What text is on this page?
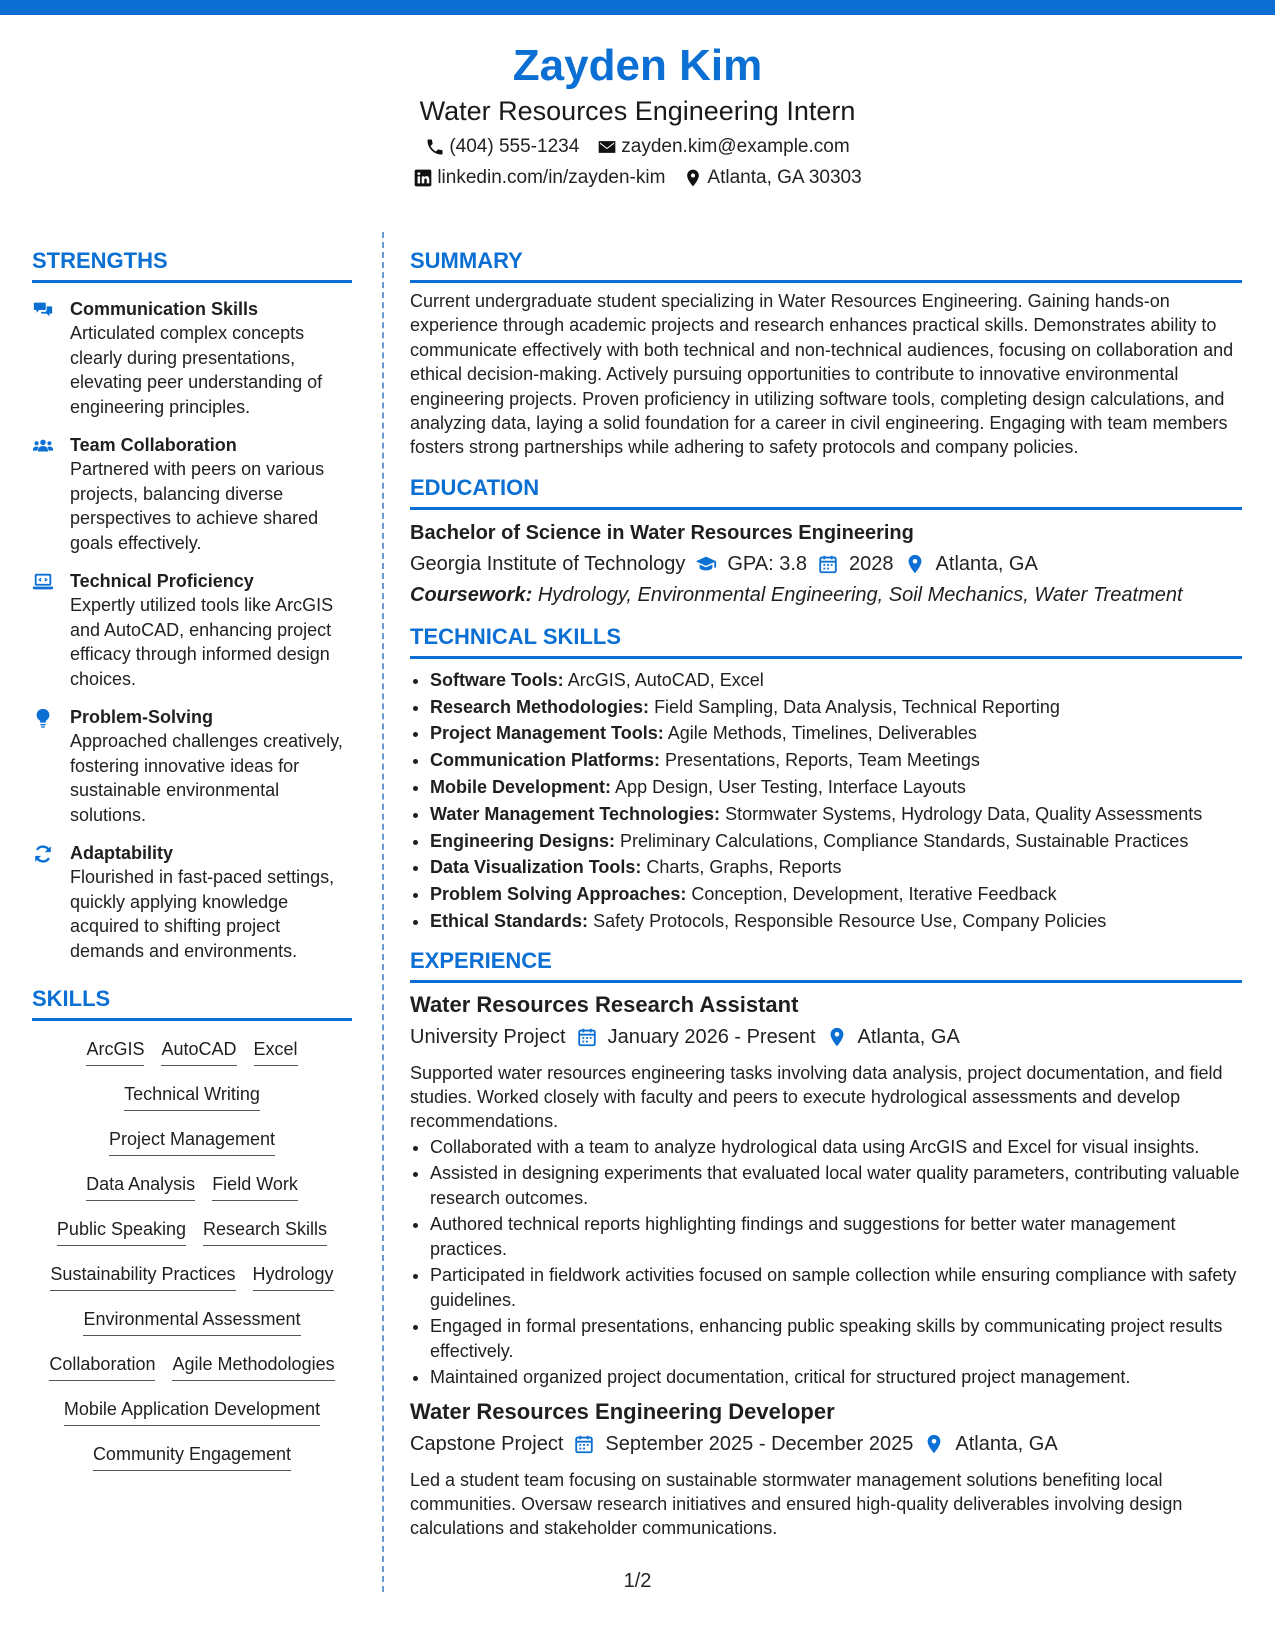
Zayden Kim
Water Resources Engineering Intern
(404) 555-1234 zayden.kim@example.com
linkedin.com/in/zayden-kim Atlanta, GA 30303
STRENGTHS
Communication Skills
Articulated complex concepts clearly during presentations, elevating peer understanding of engineering principles.
Team Collaboration
Partnered with peers on various projects, balancing diverse perspectives to achieve shared goals effectively.
Technical Proficiency
Expertly utilized tools like ArcGIS and AutoCAD, enhancing project efficacy through informed design choices.
Problem-Solving
Approached challenges creatively, fostering innovative ideas for sustainable environmental solutions.
Adaptability
Flourished in fast-paced settings, quickly applying knowledge acquired to shifting project demands and environments.
SKILLS
ArcGIS AutoCAD Excel
Technical Writing
Project Management
Data Analysis Field Work
Public Speaking Research Skills
Sustainability Practices Hydrology
Environmental Assessment
Collaboration Agile Methodologies
Mobile Application Development
Community Engagement
SUMMARY
Current undergraduate student specializing in Water Resources Engineering. Gaining hands-on experience through academic projects and research enhances practical skills. Demonstrates ability to communicate effectively with both technical and non-technical audiences, focusing on collaboration and ethical decision-making. Actively pursuing opportunities to contribute to innovative environmental engineering projects. Proven proficiency in utilizing software tools, completing design calculations, and analyzing data, laying a solid foundation for a career in civil engineering. Engaging with team members fosters strong partnerships while adhering to safety protocols and company policies.
EDUCATION
Bachelor of Science in Water Resources Engineering
Georgia Institute of Technology GPA: 3.8 2028 Atlanta, GA
Coursework: Hydrology, Environmental Engineering, Soil Mechanics, Water Treatment
TECHNICAL SKILLS
• Software Tools: ArcGIS, AutoCAD, Excel
• Research Methodologies: Field Sampling, Data Analysis, Technical Reporting
• Project Management Tools: Agile Methods, Timelines, Deliverables
• Communication Platforms: Presentations, Reports, Team Meetings
• Mobile Development: App Design, User Testing, Interface Layouts
• Water Management Technologies: Stormwater Systems, Hydrology Data, Quality Assessments
• Engineering Designs: Preliminary Calculations, Compliance Standards, Sustainable Practices
• Data Visualization Tools: Charts, Graphs, Reports
• Problem Solving Approaches: Conception, Development, Iterative Feedback
• Ethical Standards: Safety Protocols, Responsible Resource Use, Company Policies
EXPERIENCE
Water Resources Research Assistant
University Project January 2026 - Present Atlanta, GA
Supported water resources engineering tasks involving data analysis, project documentation, and field studies. Worked closely with faculty and peers to execute hydrological assessments and develop recommendations.
• Collaborated with a team to analyze hydrological data using ArcGIS and Excel for visual insights.
• Assisted in designing experiments that evaluated local water quality parameters, contributing valuable research outcomes.
• Authored technical reports highlighting findings and suggestions for better water management practices.
• Participated in fieldwork activities focused on sample collection while ensuring compliance with safety guidelines.
• Engaged in formal presentations, enhancing public speaking skills by communicating project results effectively.
• Maintained organized project documentation, critical for structured project management.
Water Resources Engineering Developer
Capstone Project September 2025 - December 2025 Atlanta, GA
Led a student team focusing on sustainable stormwater management solutions benefiting local communities. Oversaw research initiatives and ensured high-quality deliverables involving design calculations and stakeholder communications.
1/2
